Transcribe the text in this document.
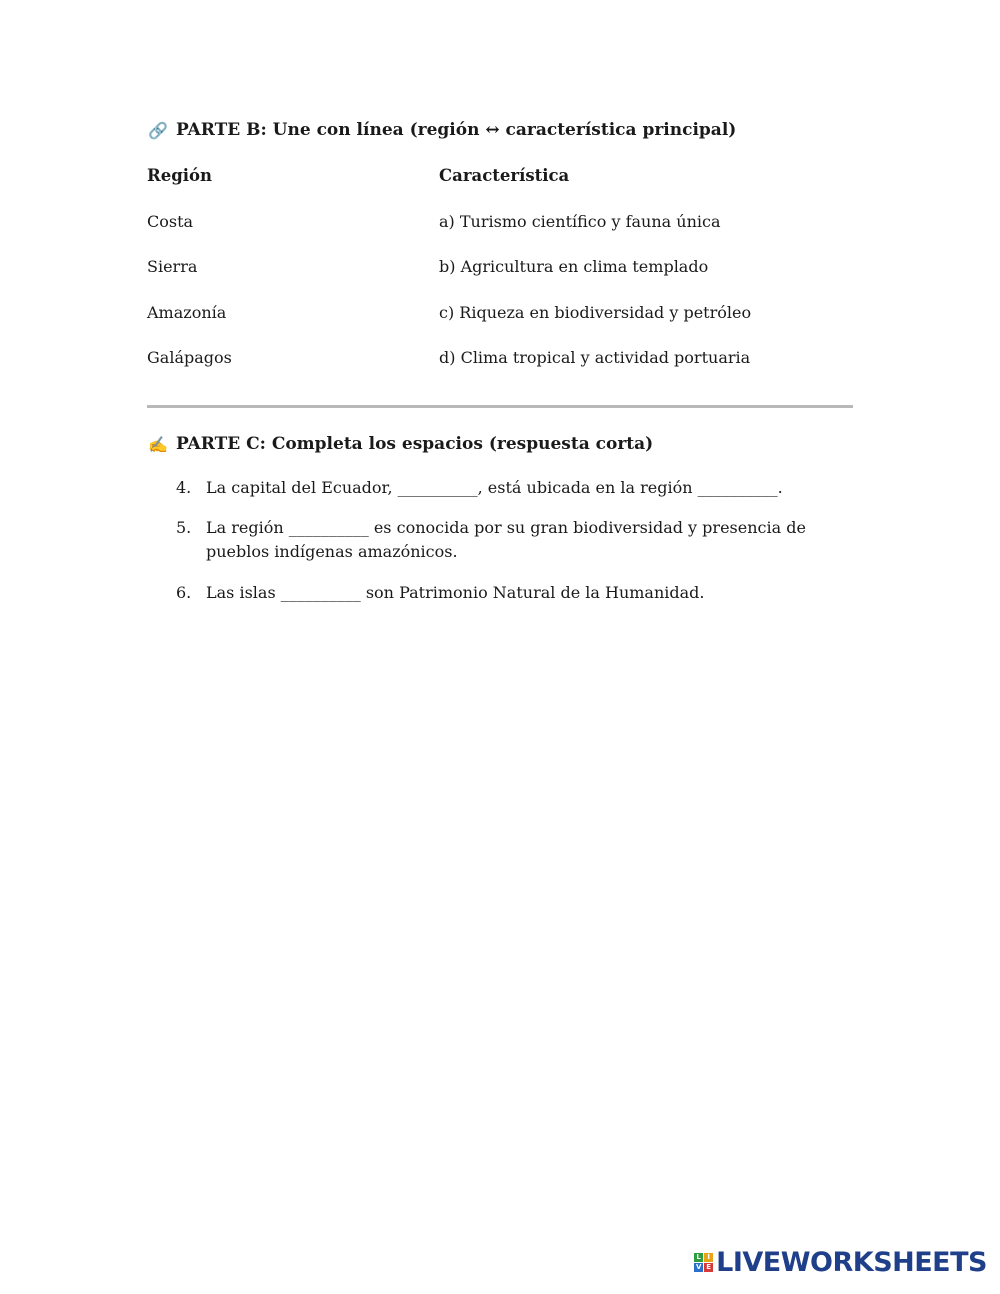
🔗 PARTE B: Une con línea (región ↔ característica principal)
Región	Característica
Costa	a) Turismo científico y fauna única
Sierra	b) Agricultura en clima templado
Amazonía	c) Riqueza en biodiversidad y petróleo
Galápagos	d) Clima tropical y actividad portuaria
✍ PARTE C: Completa los espacios (respuesta corta)
4. La capital del Ecuador, __________, está ubicada en la región __________.
5. La región __________ es conocida por su gran biodiversidad y presencia de pueblos indígenas amazónicos.
6. Las islas __________ son Patrimonio Natural de la Humanidad.
L I
V E LIVEWORKSHEETS
